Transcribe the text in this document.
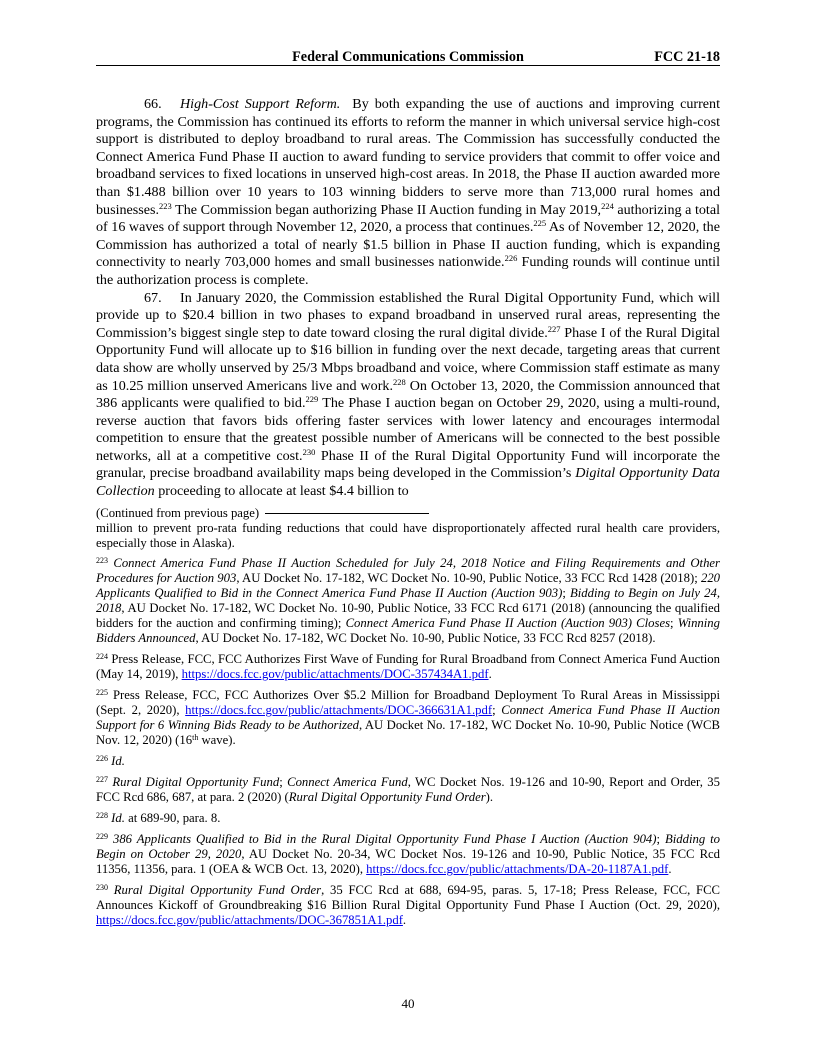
Federal Communications Commission	FCC 21-18

66. High-Cost Support Reform. By both expanding the use of auctions and improving current programs, the Commission has continued its efforts to reform the manner in which universal service high-cost support is distributed to deploy broadband to rural areas. The Commission has successfully conducted the Connect America Fund Phase II auction to award funding to service providers that commit to offer voice and broadband services to fixed locations in unserved high-cost areas. In 2018, the Phase II auction awarded more than $1.488 billion over 10 years to 103 winning bidders to serve more than 713,000 rural homes and businesses.$^{223}$ The Commission began authorizing Phase II Auction funding in May 2019,$^{224}$ authorizing a total of 16 waves of support through November 12, 2020, a process that continues.$^{225}$ As of November 12, 2020, the Commission has authorized a total of nearly $1.5 billion in Phase II auction funding, which is expanding connectivity to nearly 703,000 homes and small businesses nationwide.$^{226}$ Funding rounds will continue until the authorization process is complete.

67. In January 2020, the Commission established the Rural Digital Opportunity Fund, which will provide up to $20.4 billion in two phases to expand broadband in unserved rural areas, representing the Commission’s biggest single step to date toward closing the rural digital divide.$^{227}$ Phase I of the Rural Digital Opportunity Fund will allocate up to $16 billion in funding over the next decade, targeting areas that current data show are wholly unserved by 25/3 Mbps broadband and voice, where Commission staff estimate as many as 10.25 million unserved Americans live and work.$^{228}$ On October 13, 2020, the Commission announced that 386 applicants were qualified to bid.$^{229}$ The Phase I auction began on October 29, 2020, using a multi-round, reverse auction that favors bids offering faster services with lower latency and encourages intermodal competition to ensure that the greatest possible number of Americans will be connected to the best possible networks, all at a competitive cost.$^{230}$ Phase II of the Rural Digital Opportunity Fund will incorporate the granular, precise broadband availability maps being developed in the Commission’s Digital Opportunity Data Collection proceeding to allocate at least $4.4 billion to

(Continued from previous page)

million to prevent pro-rata funding reductions that could have disproportionately affected rural health care providers, especially those in Alaska).

$^{223}$ Connect America Fund Phase II Auction Scheduled for July 24, 2018 Notice and Filing Requirements and Other Procedures for Auction 903, AU Docket No. 17-182, WC Docket No. 10-90, Public Notice, 33 FCC Rcd 1428 (2018); 220 Applicants Qualified to Bid in the Connect America Fund Phase II Auction (Auction 903); Bidding to Begin on July 24, 2018, AU Docket No. 17-182, WC Docket No. 10-90, Public Notice, 33 FCC Rcd 6171 (2018) (announcing the qualified bidders for the auction and confirming timing); Connect America Fund Phase II Auction (Auction 903) Closes; Winning Bidders Announced, AU Docket No. 17-182, WC Docket No. 10-90, Public Notice, 33 FCC Rcd 8257 (2018).

$^{224}$ Press Release, FCC, FCC Authorizes First Wave of Funding for Rural Broadband from Connect America Fund Auction (May 14, 2019), https://docs.fcc.gov/public/attachments/DOC-357434A1.pdf.

$^{225}$ Press Release, FCC, FCC Authorizes Over $5.2 Million for Broadband Deployment To Rural Areas in Mississippi (Sept. 2, 2020), https://docs.fcc.gov/public/attachments/DOC-366631A1.pdf; Connect America Fund Phase II Auction Support for 6 Winning Bids Ready to be Authorized, AU Docket No. 17-182, WC Docket No. 10-90, Public Notice (WCB Nov. 12, 2020) (16th wave).

$^{226}$ Id.

$^{227}$ Rural Digital Opportunity Fund; Connect America Fund, WC Docket Nos. 19-126 and 10-90, Report and Order, 35 FCC Rcd 686, 687, at para. 2 (2020) (Rural Digital Opportunity Fund Order).

$^{228}$ Id. at 689-90, para. 8.

$^{229}$ 386 Applicants Qualified to Bid in the Rural Digital Opportunity Fund Phase I Auction (Auction 904); Bidding to Begin on October 29, 2020, AU Docket No. 20-34, WC Docket Nos. 19-126 and 10-90, Public Notice, 35 FCC Rcd 11356, 11356, para. 1 (OEA & WCB Oct. 13, 2020), https://docs.fcc.gov/public/attachments/DA-20-1187A1.pdf.

$^{230}$ Rural Digital Opportunity Fund Order, 35 FCC Rcd at 688, 694-95, paras. 5, 17-18; Press Release, FCC, FCC Announces Kickoff of Groundbreaking $16 Billion Rural Digital Opportunity Fund Phase I Auction (Oct. 29, 2020), https://docs.fcc.gov/public/attachments/DOC-367851A1.pdf.

40
